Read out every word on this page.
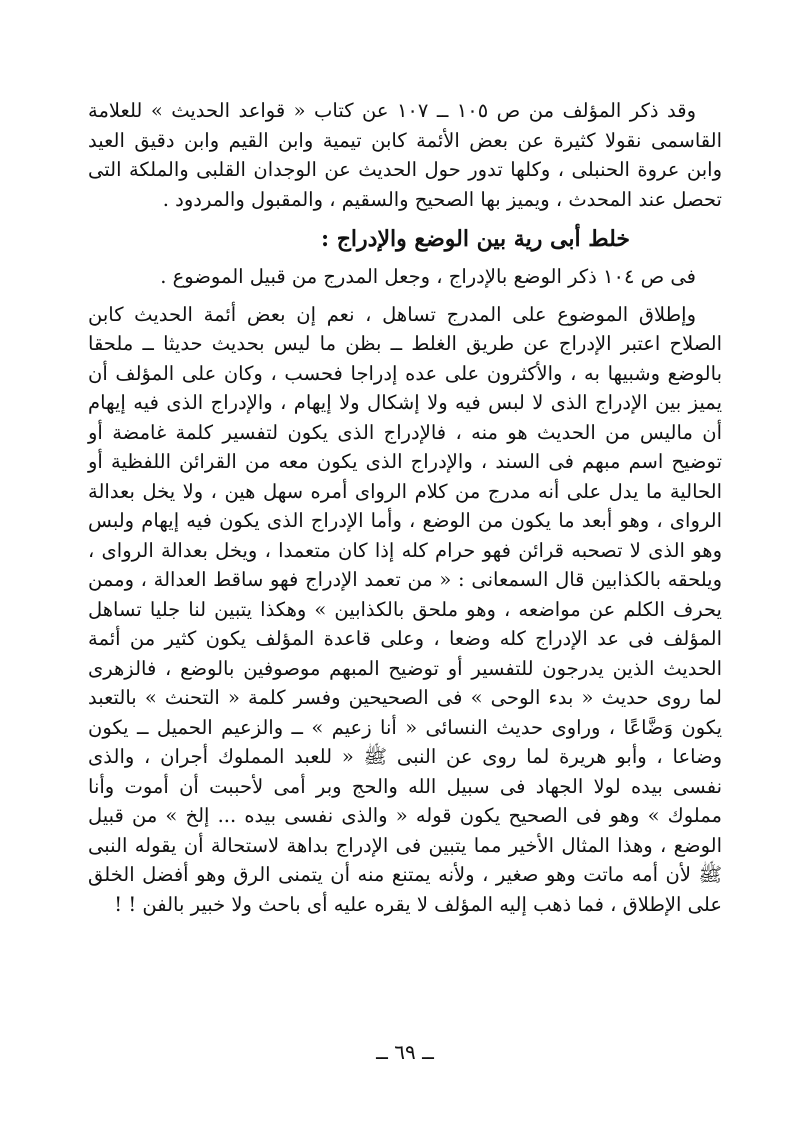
وقد ذكر المؤلف من ص ١٠٥ ــ ١٠٧ عن كتاب « قواعد الحديث » للعلامة القاسمى نقولا كثيرة عن بعض الأئمة كابن تيمية وابن القيم وابن دقيق العيد وابن عروة الحنبلى ، وكلها تدور حول الحديث عن الوجدان القلبى والملكة التى تحصل عند المحدث ، ويميز بها الصحيح والسقيم ، والمقبول والمردود .

خلط أبى رية بين الوضع والإدراج :

فى ص ١٠٤ ذكر الوضع بالإدراج ، وجعل المدرج من قبيل الموضوع .

وإطلاق الموضوع على المدرج تساهل ، نعم إن بعض أئمة الحديث كابن الصلاح اعتبر الإدراج عن طريق الغلط ــ بظن ما ليس بحديث حديثا ــ ملحقا بالوضع وشبيها به ، والأكثرون على عده إدراجا فحسب ، وكان على المؤلف أن يميز بين الإدراج الذى لا لبس فيه ولا إشكال ولا إيهام ، والإدراج الذى فيه إيهام أن ماليس من الحديث هو منه ، فالإدراج الذى يكون لتفسير كلمة غامضة أو توضيح اسم مبهم فى السند ، والإدراج الذى يكون معه من القرائن اللفظية أو الحالية ما يدل على أنه مدرج من كلام الرواى أمره سهل هين ، ولا يخل بعدالة الرواى ، وهو أبعد ما يكون من الوضع ، وأما الإدراج الذى يكون فيه إيهام ولبس وهو الذى لا تصحبه قرائن فهو حرام كله إذا كان متعمدا ، ويخل بعدالة الرواى ، ويلحقه بالكذابين قال السمعانى : « من تعمد الإدراج فهو ساقط العدالة ، وممن يحرف الكلم عن مواضعه ، وهو ملحق بالكذابين » وهكذا يتبين لنا جليا تساهل المؤلف فى عد الإدراج كله وضعا ، وعلى قاعدة المؤلف يكون كثير من أئمة الحديث الذين يدرجون للتفسير أو توضيح المبهم موصوفين بالوضع ، فالزهرى لما روى حديث « بدء الوحى » فى الصحيحين وفسر كلمة « التحنث » بالتعبد يكون وَضَّاعًا ، وراوى حديث النسائى « أنا زعيم » ــ والزعيم الحميل ــ يكون وضاعا ، وأبو هريرة لما روى عن النبى ﷺ « للعبد المملوك أجران ، والذى نفسى بيده لولا الجهاد فى سبيل الله والحج وبر أمى لأحببت أن أموت وأنا مملوك » وهو فى الصحيح يكون قوله « والذى نفسى بيده ... إلخ » من قبيل الوضع ، وهذا المثال الأخير مما يتبين فى الإدراج بداهة لاستحالة أن يقوله النبى ﷺ لأن أمه ماتت وهو صغير ، ولأنه يمتنع منه أن يتمنى الرق وهو أفضل الخلق على الإطلاق ، فما ذهب إليه المؤلف لا يقره عليه أى باحث ولا خبير بالفن ! !

ــ ٦٩ ــ
